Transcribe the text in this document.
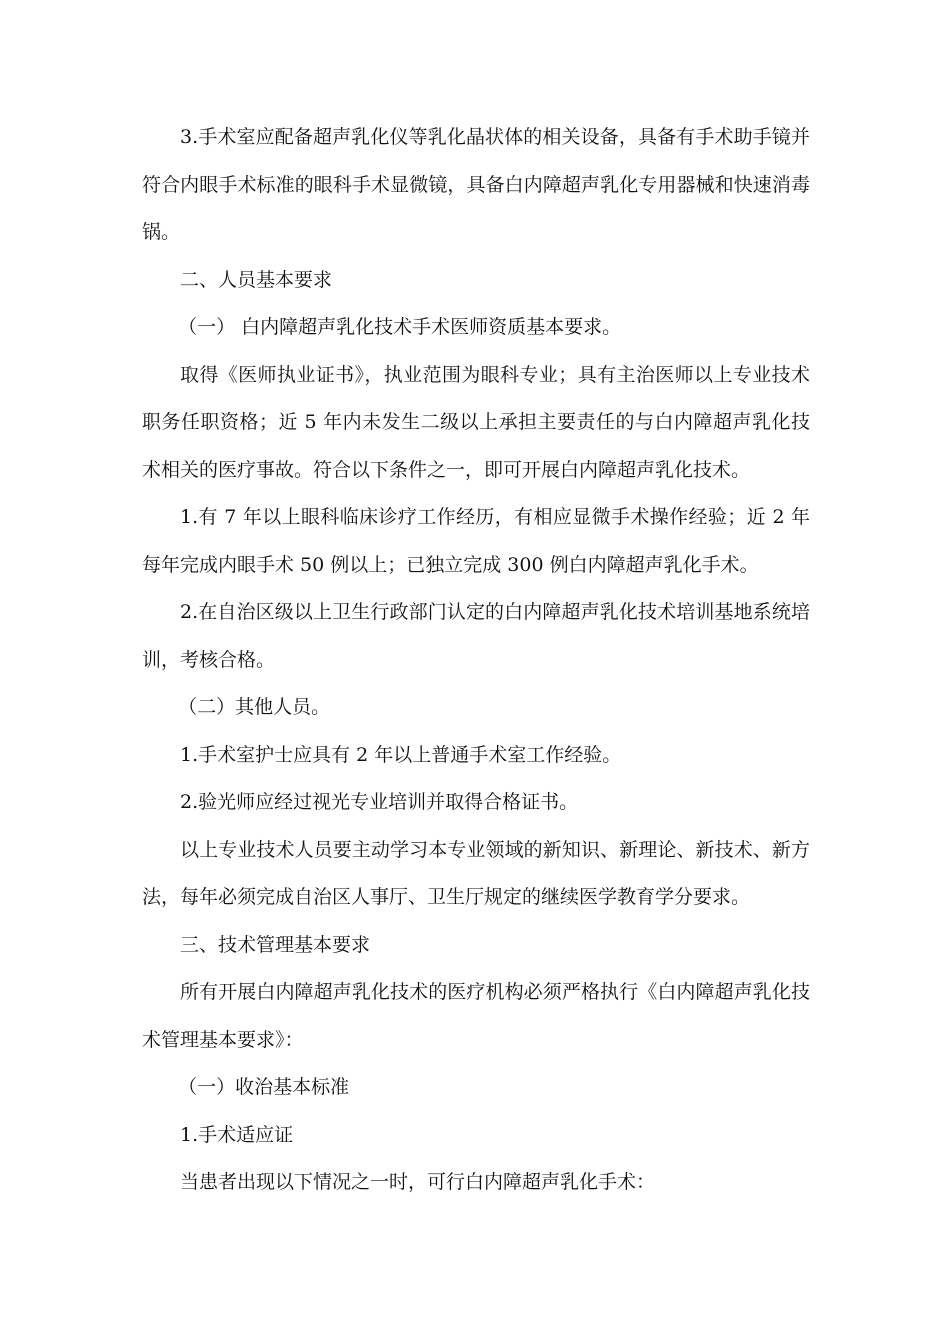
3.手术室应配备超声乳化仪等乳化晶状体的相关设备，具备有手术助手镜并符合内眼手术标准的眼科手术显微镜，具备白内障超声乳化专用器械和快速消毒锅。

二、人员基本要求

（一） 白内障超声乳化技术手术医师资质基本要求。

取得《医师执业证书》，执业范围为眼科专业；具有主治医师以上专业技术职务任职资格；近 5 年内未发生二级以上承担主要责任的与白内障超声乳化技术相关的医疗事故。符合以下条件之一，即可开展白内障超声乳化技术。

1.有 7 年以上眼科临床诊疗工作经历，有相应显微手术操作经验；近 2 年每年完成内眼手术 50 例以上；已独立完成 300 例白内障超声乳化手术。

2.在自治区级以上卫生行政部门认定的白内障超声乳化技术培训基地系统培训，考核合格。

（二）其他人员。

1.手术室护士应具有 2 年以上普通手术室工作经验。

2.验光师应经过视光专业培训并取得合格证书。

以上专业技术人员要主动学习本专业领域的新知识、新理论、新技术、新方法，每年必须完成自治区人事厅、卫生厅规定的继续医学教育学分要求。

三、技术管理基本要求

所有开展白内障超声乳化技术的医疗机构必须严格执行《白内障超声乳化技术管理基本要求》：

（一）收治基本标准

1.手术适应证

当患者出现以下情况之一时，可行白内障超声乳化手术：
